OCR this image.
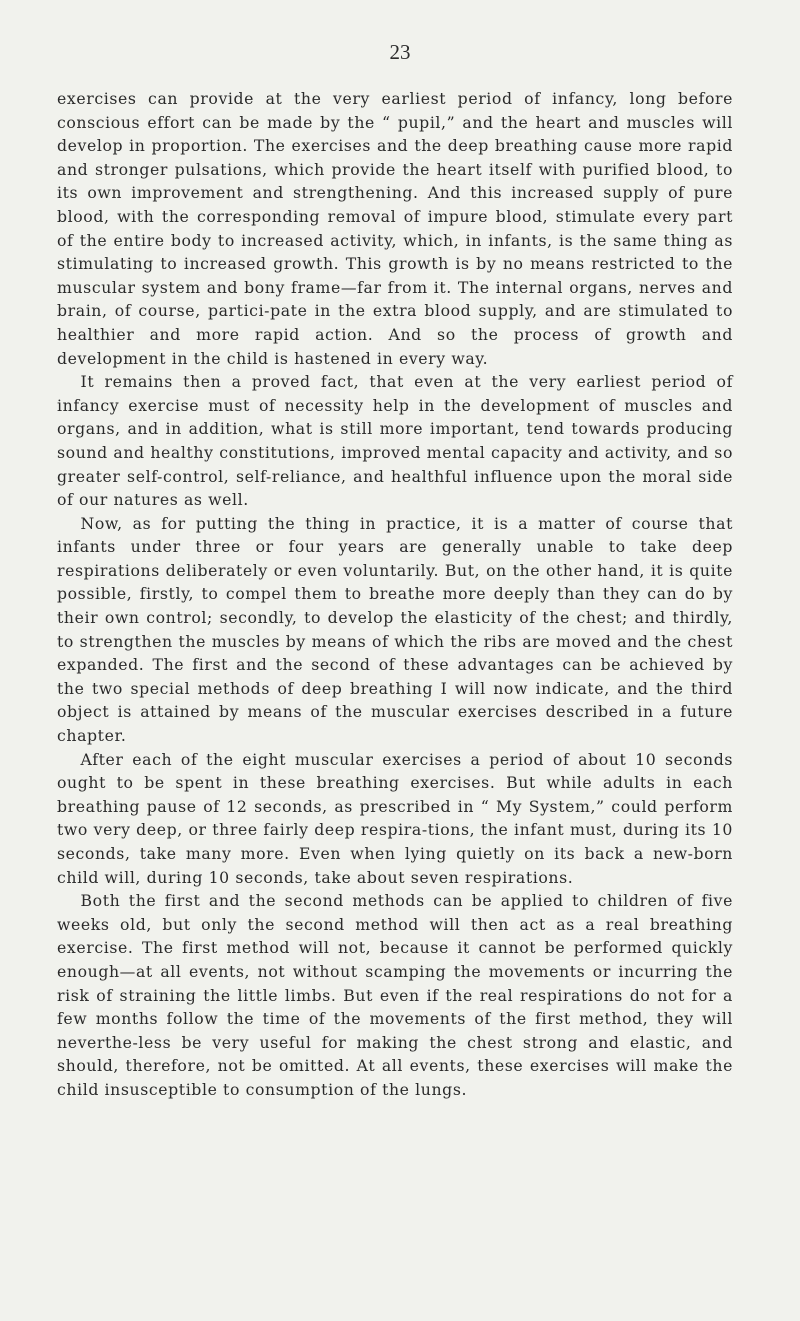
23

exercises can provide at the very earliest period of infancy, long before conscious effort can be made by the “ pupil,” and the heart and muscles will develop in proportion. The exercises and the deep breathing cause more rapid and stronger pulsations, which provide the heart itself with purified blood, to its own improvement and strengthening. And this increased supply of pure blood, with the corresponding removal of impure blood, stimulate every part of the entire body to increased activity, which, in infants, is the same thing as stimulating to increased growth. This growth is by no means restricted to the muscular system and bony frame—far from it. The internal organs, nerves and brain, of course, partici-pate in the extra blood supply, and are stimulated to healthier and more rapid action. And so the process of growth and development in the child is hastened in every way.

It remains then a proved fact, that even at the very earliest period of infancy exercise must of necessity help in the development of muscles and organs, and in addition, what is still more important, tend towards producing sound and healthy constitutions, improved mental capacity and activity, and so greater self-control, self-reliance, and healthful influence upon the moral side of our natures as well.

Now, as for putting the thing in practice, it is a matter of course that infants under three or four years are generally unable to take deep respirations deliberately or even voluntarily. But, on the other hand, it is quite possible, firstly, to compel them to breathe more deeply than they can do by their own control; secondly, to develop the elasticity of the chest; and thirdly, to strengthen the muscles by means of which the ribs are moved and the chest expanded. The first and the second of these advantages can be achieved by the two special methods of deep breathing I will now indicate, and the third object is attained by means of the muscular exercises described in a future chapter.

After each of the eight muscular exercises a period of about 10 seconds ought to be spent in these breathing exercises. But while adults in each breathing pause of 12 seconds, as prescribed in “ My System,” could perform two very deep, or three fairly deep respira-tions, the infant must, during its 10 seconds, take many more. Even when lying quietly on its back a new-born child will, during 10 seconds, take about seven respirations.

Both the first and the second methods can be applied to children of five weeks old, but only the second method will then act as a real breathing exercise. The first method will not, because it cannot be performed quickly enough—at all events, not without scamping the movements or incurring the risk of straining the little limbs. But even if the real respirations do not for a few months follow the time of the movements of the first method, they will neverthe-less be very useful for making the chest strong and elastic, and should, therefore, not be omitted. At all events, these exercises will make the child insusceptible to consumption of the lungs.
